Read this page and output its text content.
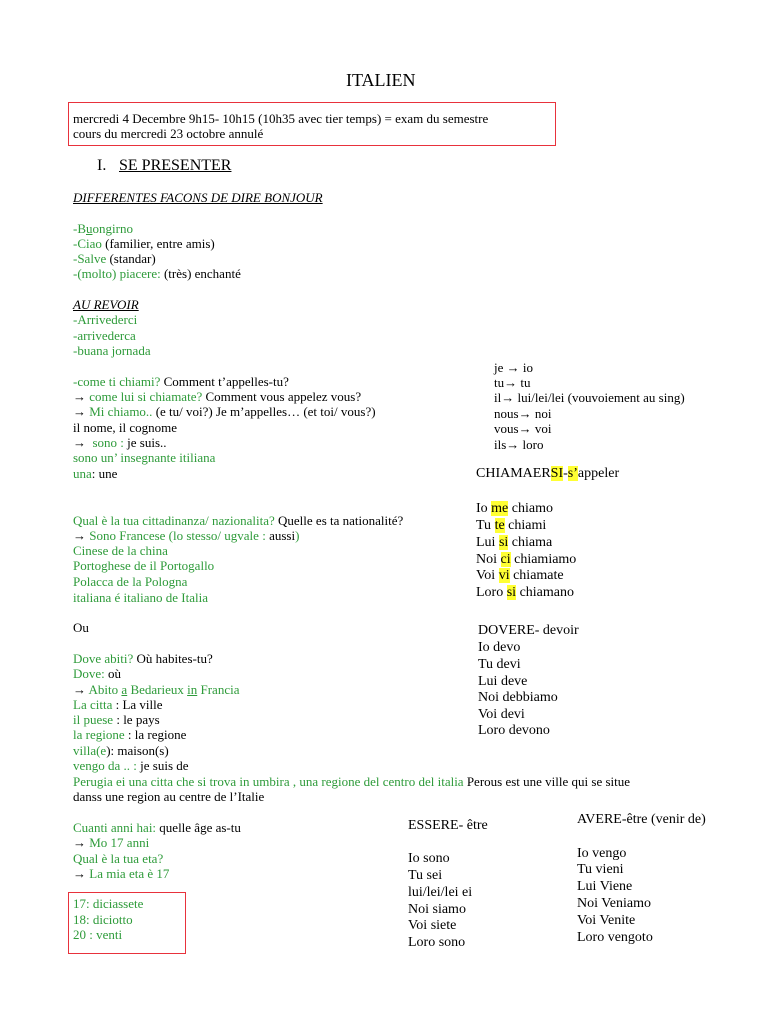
ITALIEN
mercredi 4 Decembre 9h15- 10h15 (10h35 avec tier temps) = exam du semestre
cours du mercredi 23 octobre annulé
I. SE PRESENTER
DIFFERENTES FACONS DE DIRE BONJOUR
-Buongirno
-Ciao (familier, entre amis)
-Salve (standar)
-(molto) piacere: (très) enchanté
AU REVOIR
-Arrivederci
-arrivederca
-buana jornada
-come ti chiami? Comment t’appelles-tu?
→ come lui si chiamate? Comment vous appelez vous?
→ Mi chiamo.. (e tu/ voi?) Je m’appelles… (et toi/ vous?)
il nome, il cognome
→ sono : je suis..
sono un’ insegnante itiliana
una: une
je → io
tu→ tu
il→ lui/lei/lei (vouvoiement au sing)
nous→ noi
vous→ voi
ils→ loro
CHIAMAERSI-s’appeler
Io me chiamo
Tu te chiami
Lui si chiama
Noi ci chiamiamo
Voi vi chiamate
Loro si chiamano
Qual è la tua cittadinanza/ nazionalita? Quelle es ta nationalité?
→ Sono Francese (lo stesso/ ugvale : aussi)
Cinese de la china
Portoghese de il Portogallo
Polacca de la Pologna
italiana é italiano de Italia
Ou	DOVERE- devoir
Io devo
Tu devi
Lui deve
Noi debbiamo
Voi devi
Loro devono
Dove abiti? Où habites-tu?
Dove: où
→ Abito a Bedarieux in Francia
La citta : La ville
il puese : le pays
la regione : la regione
villa(e): maison(s)
vengo da .. : je suis de
Perugia ei una citta che si trova in umbira , una regione del centro del italia Perous est une ville qui se situe
danss une region au centre de l’Italie
Cuanti anni hai: quelle âge as-tu
→ Mo 17 anni
Qual è la tua eta?
→ La mia eta è 17
17: diciassete
18: diciotto
20 : venti
ESSERE- être
Io sono
Tu sei
lui/lei/lei ei
Noi siamo
Voi siete
Loro sono
AVERE-être (venir de)
Io vengo
Tu vieni
Lui Viene
Noi Veniamo
Voi Venite
Loro vengoto
